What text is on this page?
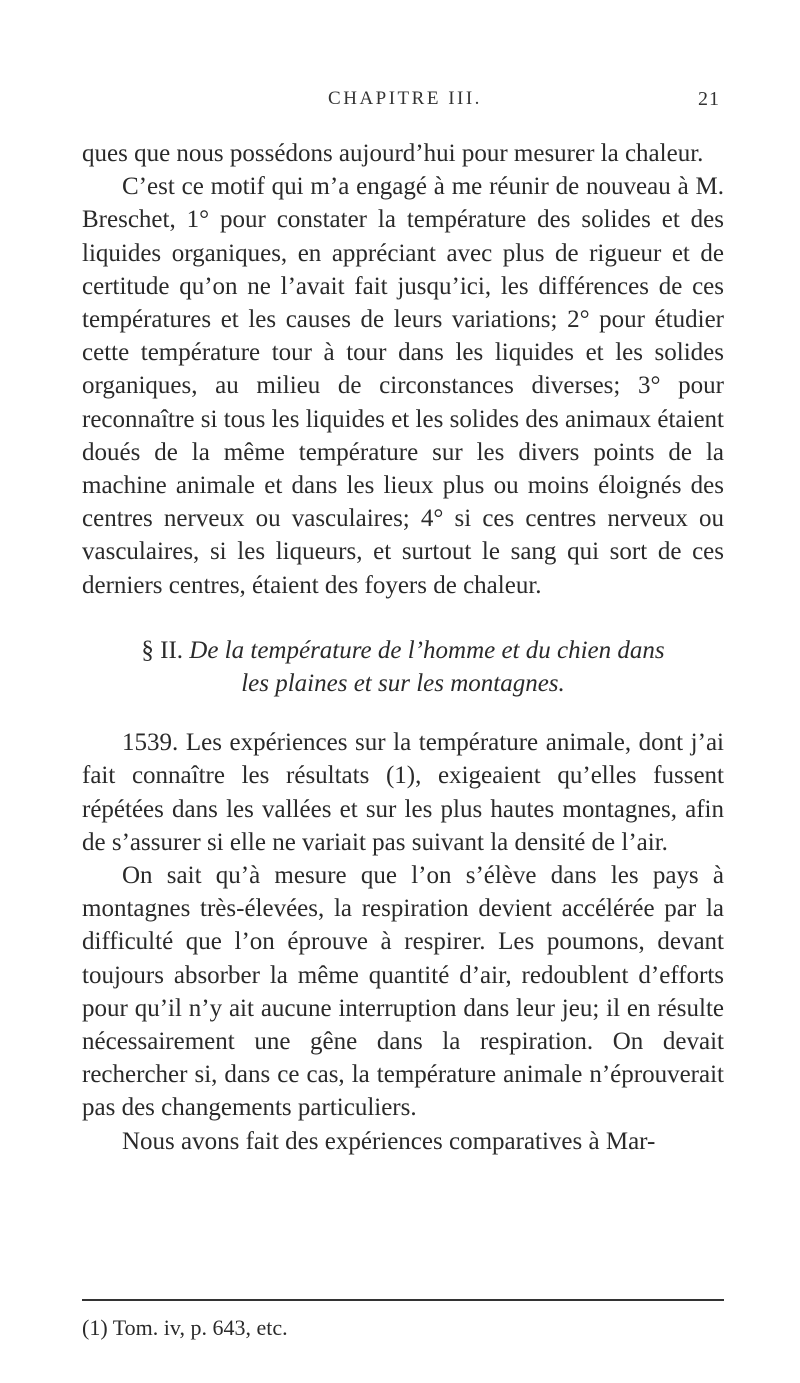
CHAPITRE III.	21

ques que nous possédons aujourd’hui pour mesurer la chaleur.

C’est ce motif qui m’a engagé à me réunir de nouveau à M. Breschet, 1° pour constater la température des solides et des liquides organiques, en appréciant avec plus de rigueur et de certitude qu’on ne l’avait fait jusqu’ici, les différences de ces températures et les causes de leurs variations; 2° pour étudier cette température tour à tour dans les liquides et les solides organiques, au milieu de circonstances diverses; 3° pour reconnaître si tous les liquides et les solides des animaux étaient doués de la même température sur les divers points de la machine animale et dans les lieux plus ou moins éloignés des centres nerveux ou vasculaires; 4° si ces centres nerveux ou vasculaires, si les liqueurs, et surtout le sang qui sort de ces derniers centres, étaient des foyers de chaleur.

§ II. De la température de l’homme et du chien dans
les plaines et sur les montagnes.

1539. Les expériences sur la température animale, dont j’ai fait connaître les résultats (1), exigeaient qu’elles fussent répétées dans les vallées et sur les plus hautes montagnes, afin de s’assurer si elle ne variait pas suivant la densité de l’air.

On sait qu’à mesure que l’on s’élève dans les pays à montagnes très-élevées, la respiration devient accélérée par la difficulté que l’on éprouve à respirer. Les poumons, devant toujours absorber la même quantité d’air, redoublent d’efforts pour qu’il n’y ait aucune interruption dans leur jeu; il en résulte nécessairement une gêne dans la respiration. On devait rechercher si, dans ce cas, la température animale n’éprouverait pas des changements particuliers.

Nous avons fait des expériences comparatives à Mar-

(1) Tom. iv, p. 643, etc.
